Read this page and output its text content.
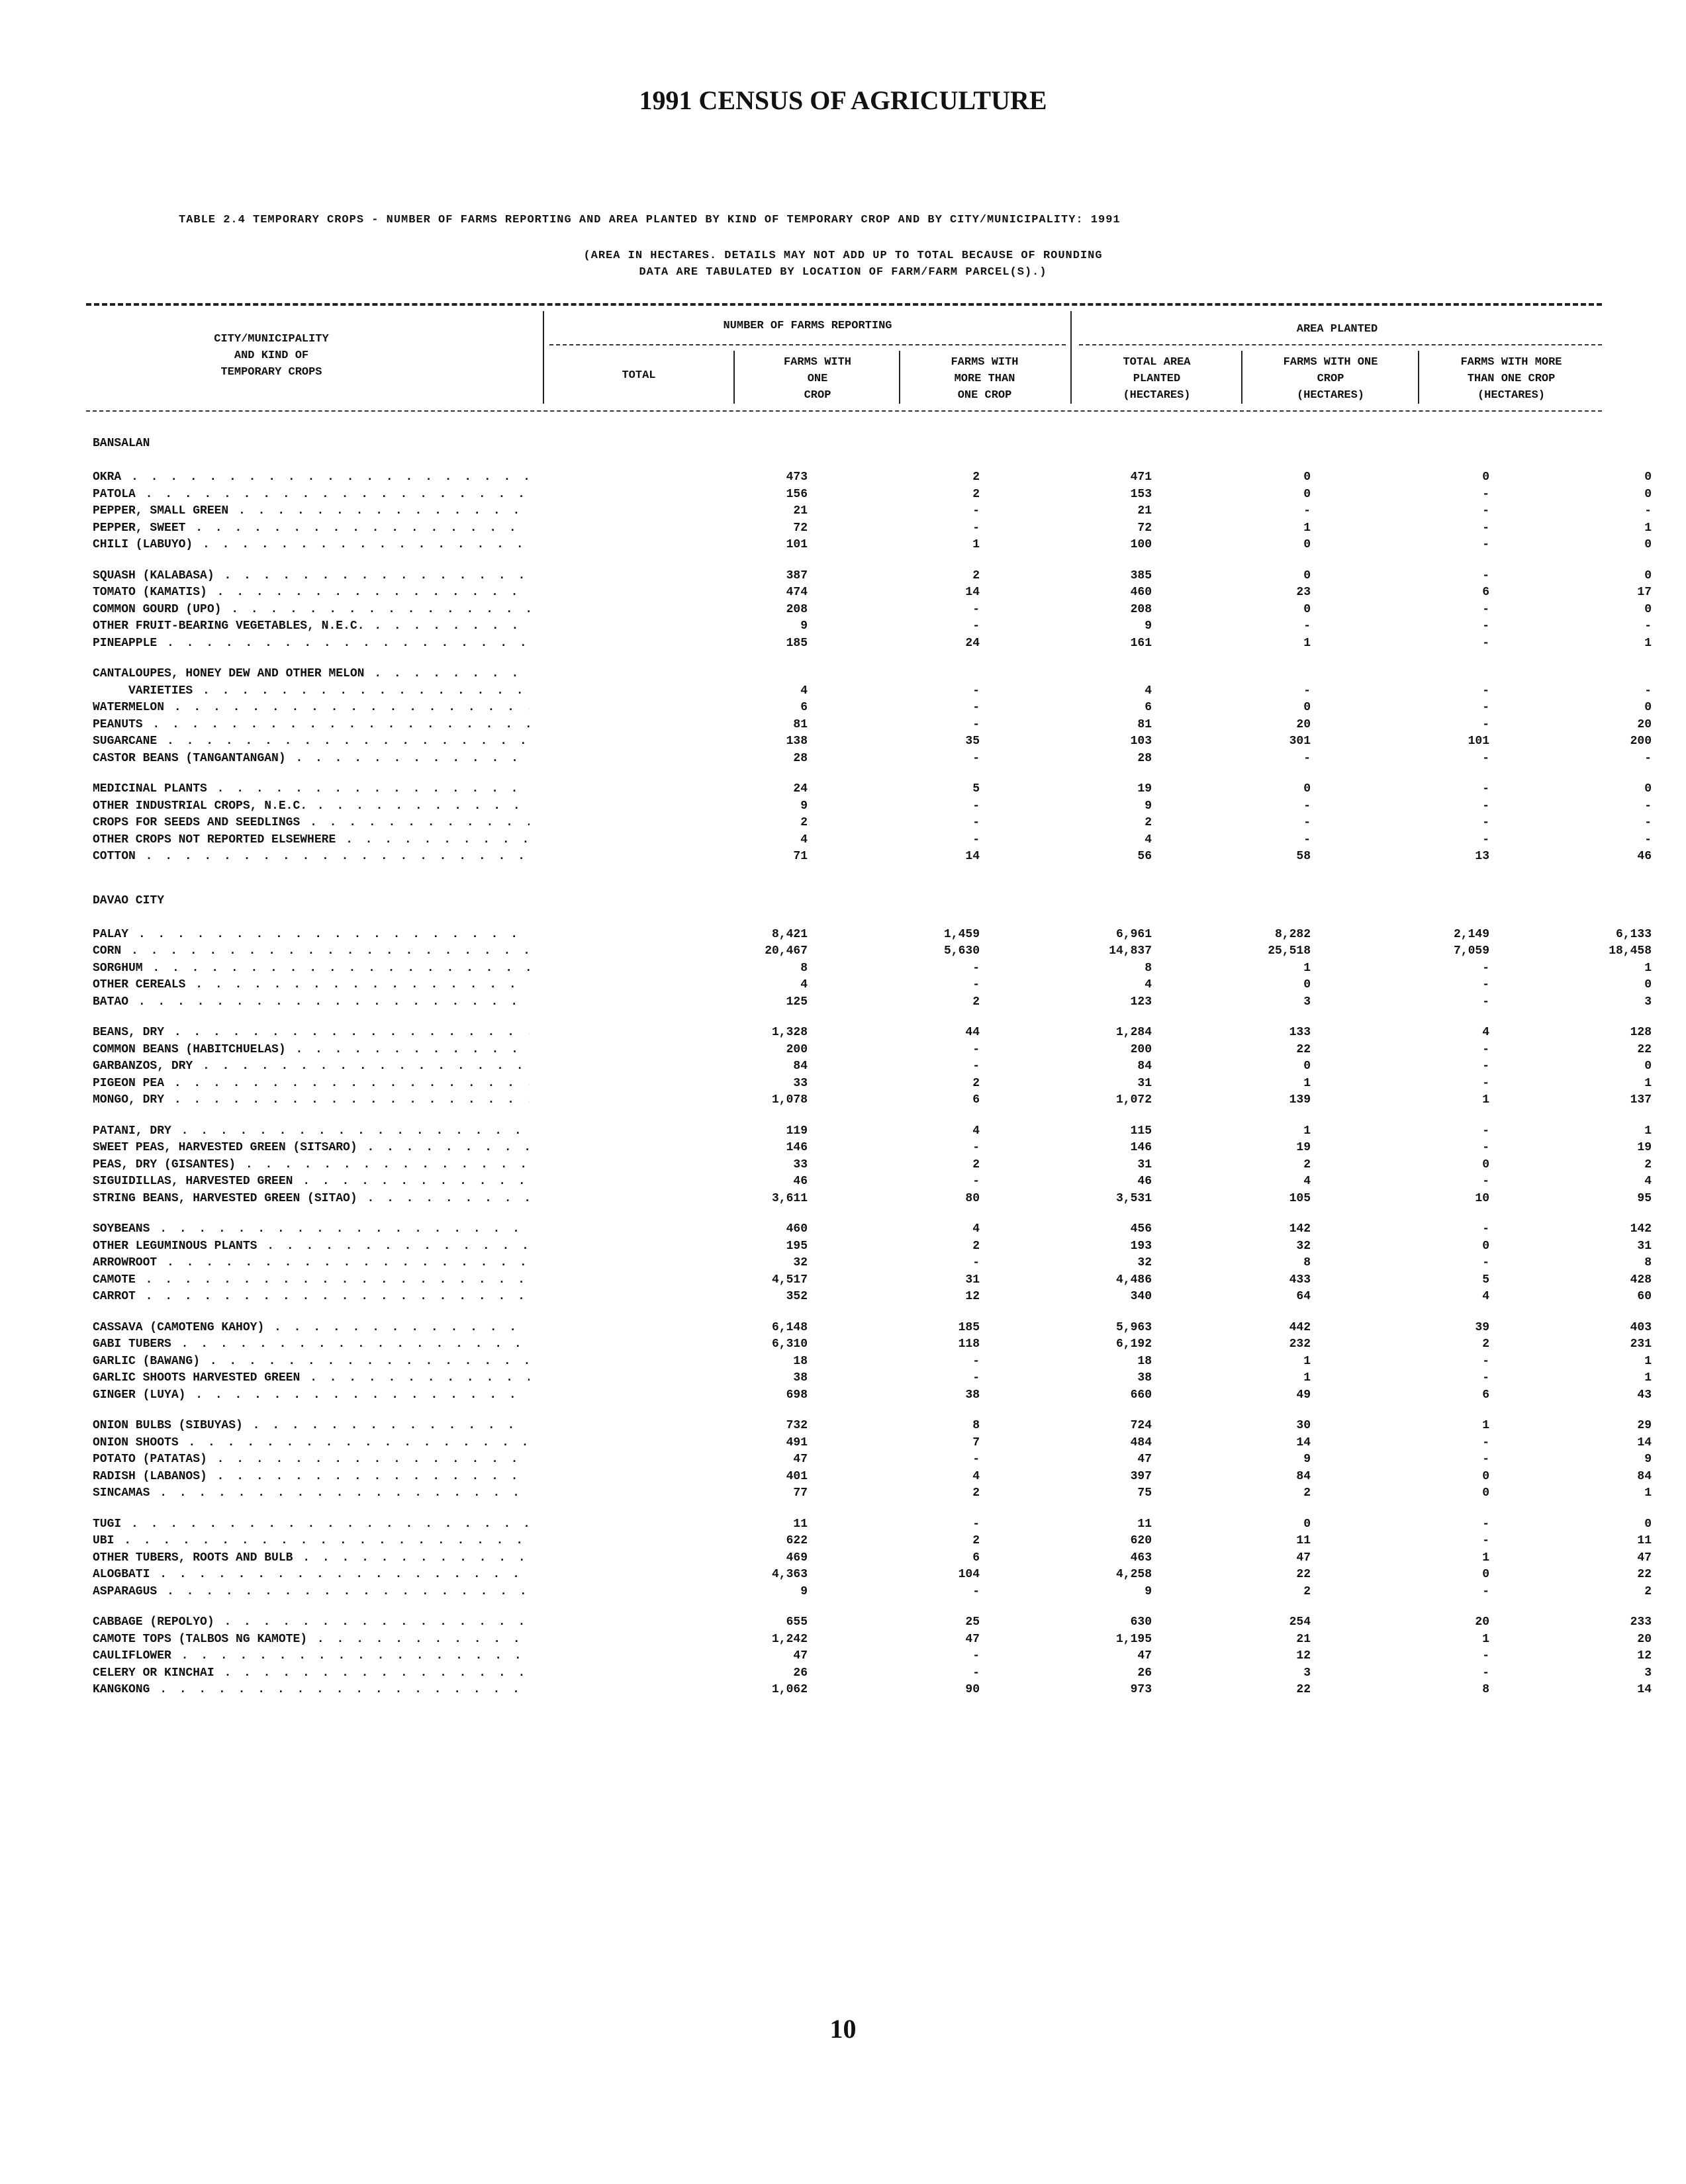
1991 CENSUS OF AGRICULTURE
TABLE 2.4 TEMPORARY CROPS - NUMBER OF FARMS REPORTING AND AREA PLANTED BY KIND OF TEMPORARY CROP AND BY CITY/MUNICIPALITY: 1991
(AREA IN HECTARES. DETAILS MAY NOT ADD UP TO TOTAL BECAUSE OF ROUNDING
DATA ARE TABULATED BY LOCATION OF FARM/FARM PARCEL(S).)
CITY/MUNICIPALITY
AND KIND OF
TEMPORARY CROPS
NUMBER OF FARMS REPORTING	AREA PLANTED
TOTAL
FARMS WITH
ONE
CROP
FARMS WITH
MORE THAN
ONE CROP
TOTAL AREA
PLANTED
(HECTARES)
FARMS WITH ONE
CROP
(HECTARES)
FARMS WITH MORE
THAN ONE CROP
(HECTARES)
BANSALAN
OKRA . . .	473	2	471	0	0	0
PATOLA . . .	156	2	153	0	-	0
PEPPER, SMALL GREEN . . .	21	-	21	-	-	-
PEPPER, SWEET . . .	72	-	72	1	-	1
CHILI (LABUYO) . . .	101	1	100	0	-	0
SQUASH (KALABASA) . . .	387	2	385	0	-	0
TOMATO (KAMATIS) . . .	474	14	460	23	6	17
COMMON GOURD (UPO) . . .	208	-	208	0	-	0
OTHER FRUIT-BEARING VEGETABLES, N.E.C. . . .	9	-	9	-	-	-
PINEAPPLE . . .	185	24	161	1	-	1
CANTALOUPES, HONEY DEW AND OTHER MELON . . .
VARIETIES . . .	4	-	4	-	-	-
WATERMELON . . .	6	-	6	0	-	0
PEANUTS . . .	81	-	81	20	-	20
SUGARCANE . . .	138	35	103	301	101	200
CASTOR BEANS (TANGANTANGAN) . . .	28	-	28	-	-	-
MEDICINAL PLANTS . . .	24	5	19	0	-	0
OTHER INDUSTRIAL CROPS, N.E.C. . . .	9	-	9	-	-	-
CROPS FOR SEEDS AND SEEDLINGS . . .	2	-	2	-	-	-
OTHER CROPS NOT REPORTED ELSEWHERE . . .	4	-	4	-	-	-
COTTON . . .	71	14	56	58	13	46
DAVAO CITY
PALAY . . .	8,421	1,459	6,961	8,282	2,149	6,133
CORN . . .	20,467	5,630	14,837	25,518	7,059	18,458
SORGHUM . . .	8	-	8	1	-	1
OTHER CEREALS . . .	4	-	4	0	-	0
BATAO . . .	125	2	123	3	-	3
BEANS, DRY . . .	1,328	44	1,284	133	4	128
COMMON BEANS (HABITCHUELAS) . . .	200	-	200	22	-	22
GARBANZOS, DRY . . .	84	-	84	0	-	0
PIGEON PEA . . .	33	2	31	1	-	1
MONGO, DRY . . .	1,078	6	1,072	139	1	137
PATANI, DRY . . .	119	4	115	1	-	1
SWEET PEAS, HARVESTED GREEN (SITSARO) . . .	146	-	146	19	-	19
PEAS, DRY (GISANTES) . . .	33	2	31	2	0	2
SIGUIDILLAS, HARVESTED GREEN . . .	46	-	46	4	-	4
STRING BEANS, HARVESTED GREEN (SITAO) . . .	3,611	80	3,531	105	10	95
SOYBEANS . . .	460	4	456	142	-	142
OTHER LEGUMINOUS PLANTS . . .	195	2	193	32	0	31
ARROWROOT . . .	32	-	32	8	-	8
CAMOTE . . .	4,517	31	4,486	433	5	428
CARROT . . .	352	12	340	64	4	60
CASSAVA (CAMOTENG KAHOY) . . .	6,148	185	5,963	442	39	403
GABI TUBERS . . .	6,310	118	6,192	232	2	231
GARLIC (BAWANG) . . .	18	-	18	1	-	1
GARLIC SHOOTS HARVESTED GREEN . . .	38	-	38	1	-	1
GINGER (LUYA) . . .	698	38	660	49	6	43
ONION BULBS (SIBUYAS) . . .	732	8	724	30	1	29
ONION SHOOTS . . .	491	7	484	14	-	14
POTATO (PATATAS) . . .	47	-	47	9	-	9
RADISH (LABANOS) . . .	401	4	397	84	0	84
SINCAMAS . . .	77	2	75	2	0	1
TUGI . . .	11	-	11	0	-	0
UBI . . .	622	2	620	11	-	11
OTHER TUBERS, ROOTS AND BULB . . .	469	6	463	47	1	47
ALOGBATI . . .	4,363	104	4,258	22	0	22
ASPARAGUS . . .	9	-	9	2	-	2
CABBAGE (REPOLYO) . . .	655	25	630	254	20	233
CAMOTE TOPS (TALBOS NG KAMOTE) . . .	1,242	47	1,195	21	1	20
CAULIFLOWER . . .	47	-	47	12	-	12
CELERY OR KINCHAI . . .	26	-	26	3	-	3
KANGKONG . . .	1,062	90	973	22	8	14
10
